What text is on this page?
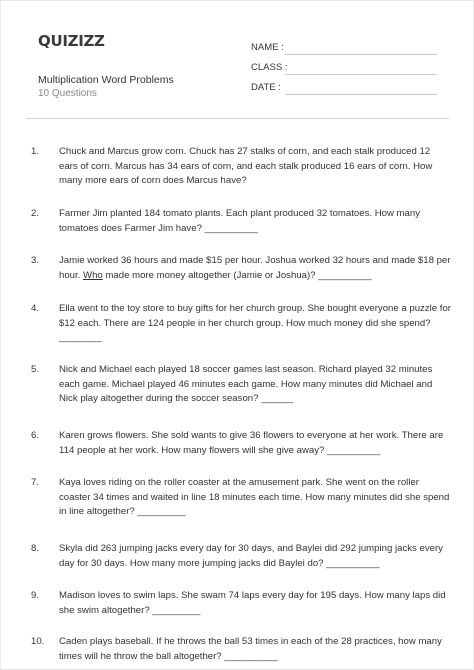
QUIZIZZ
Multiplication Word Problems
10 Questions
NAME :
CLASS :
DATE :
1.	Chuck and Marcus grow corn. Chuck has 27 stalks of corn, and each stalk produced 12 ears of corn. Marcus has 34 ears of corn, and each stalk produced 16 ears of corn. How many more ears of corn does Marcus have?
2.	Farmer Jim planted 184 tomato plants. Each plant produced 32 tomatoes. How many tomatoes does Farmer Jim have? __________
3.	Jamie worked 36 hours and made $15 per hour. Joshua worked 32 hours and made $18 per hour. Who made more money altogether (Jamie or Joshua)? __________
4.	Ella went to the toy store to buy gifts for her church group. She bought everyone a puzzle for $12 each. There are 124 people in her church group. How much money did she spend? ________
5.	Nick and Michael each played 18 soccer games last season. Richard played 32 minutes each game. Michael played 46 minutes each game. How many minutes did Michael and Nick play altogether during the soccer season? ______
6.	Karen grows flowers. She sold wants to give 36 flowers to everyone at her work. There are 114 people at her work. How many flowers will she give away? __________
7.	Kaya loves riding on the roller coaster at the amusement park. She went on the roller coaster 34 times and waited in line 18 minutes each time. How many minutes did she spend in line altogether? _________
8.	Skyla did 263 jumping jacks every day for 30 days, and Baylei did 292 jumping jacks every day for 30 days. How many more jumping jacks did Baylei do? __________
9.	Madison loves to swim laps. She swam 74 laps every day for 195 days. How many laps did she swim altogether? _________
10.	Caden plays baseball. If he throws the ball 53 times in each of the 28 practices, how many times will he throw the ball altogether? __________
